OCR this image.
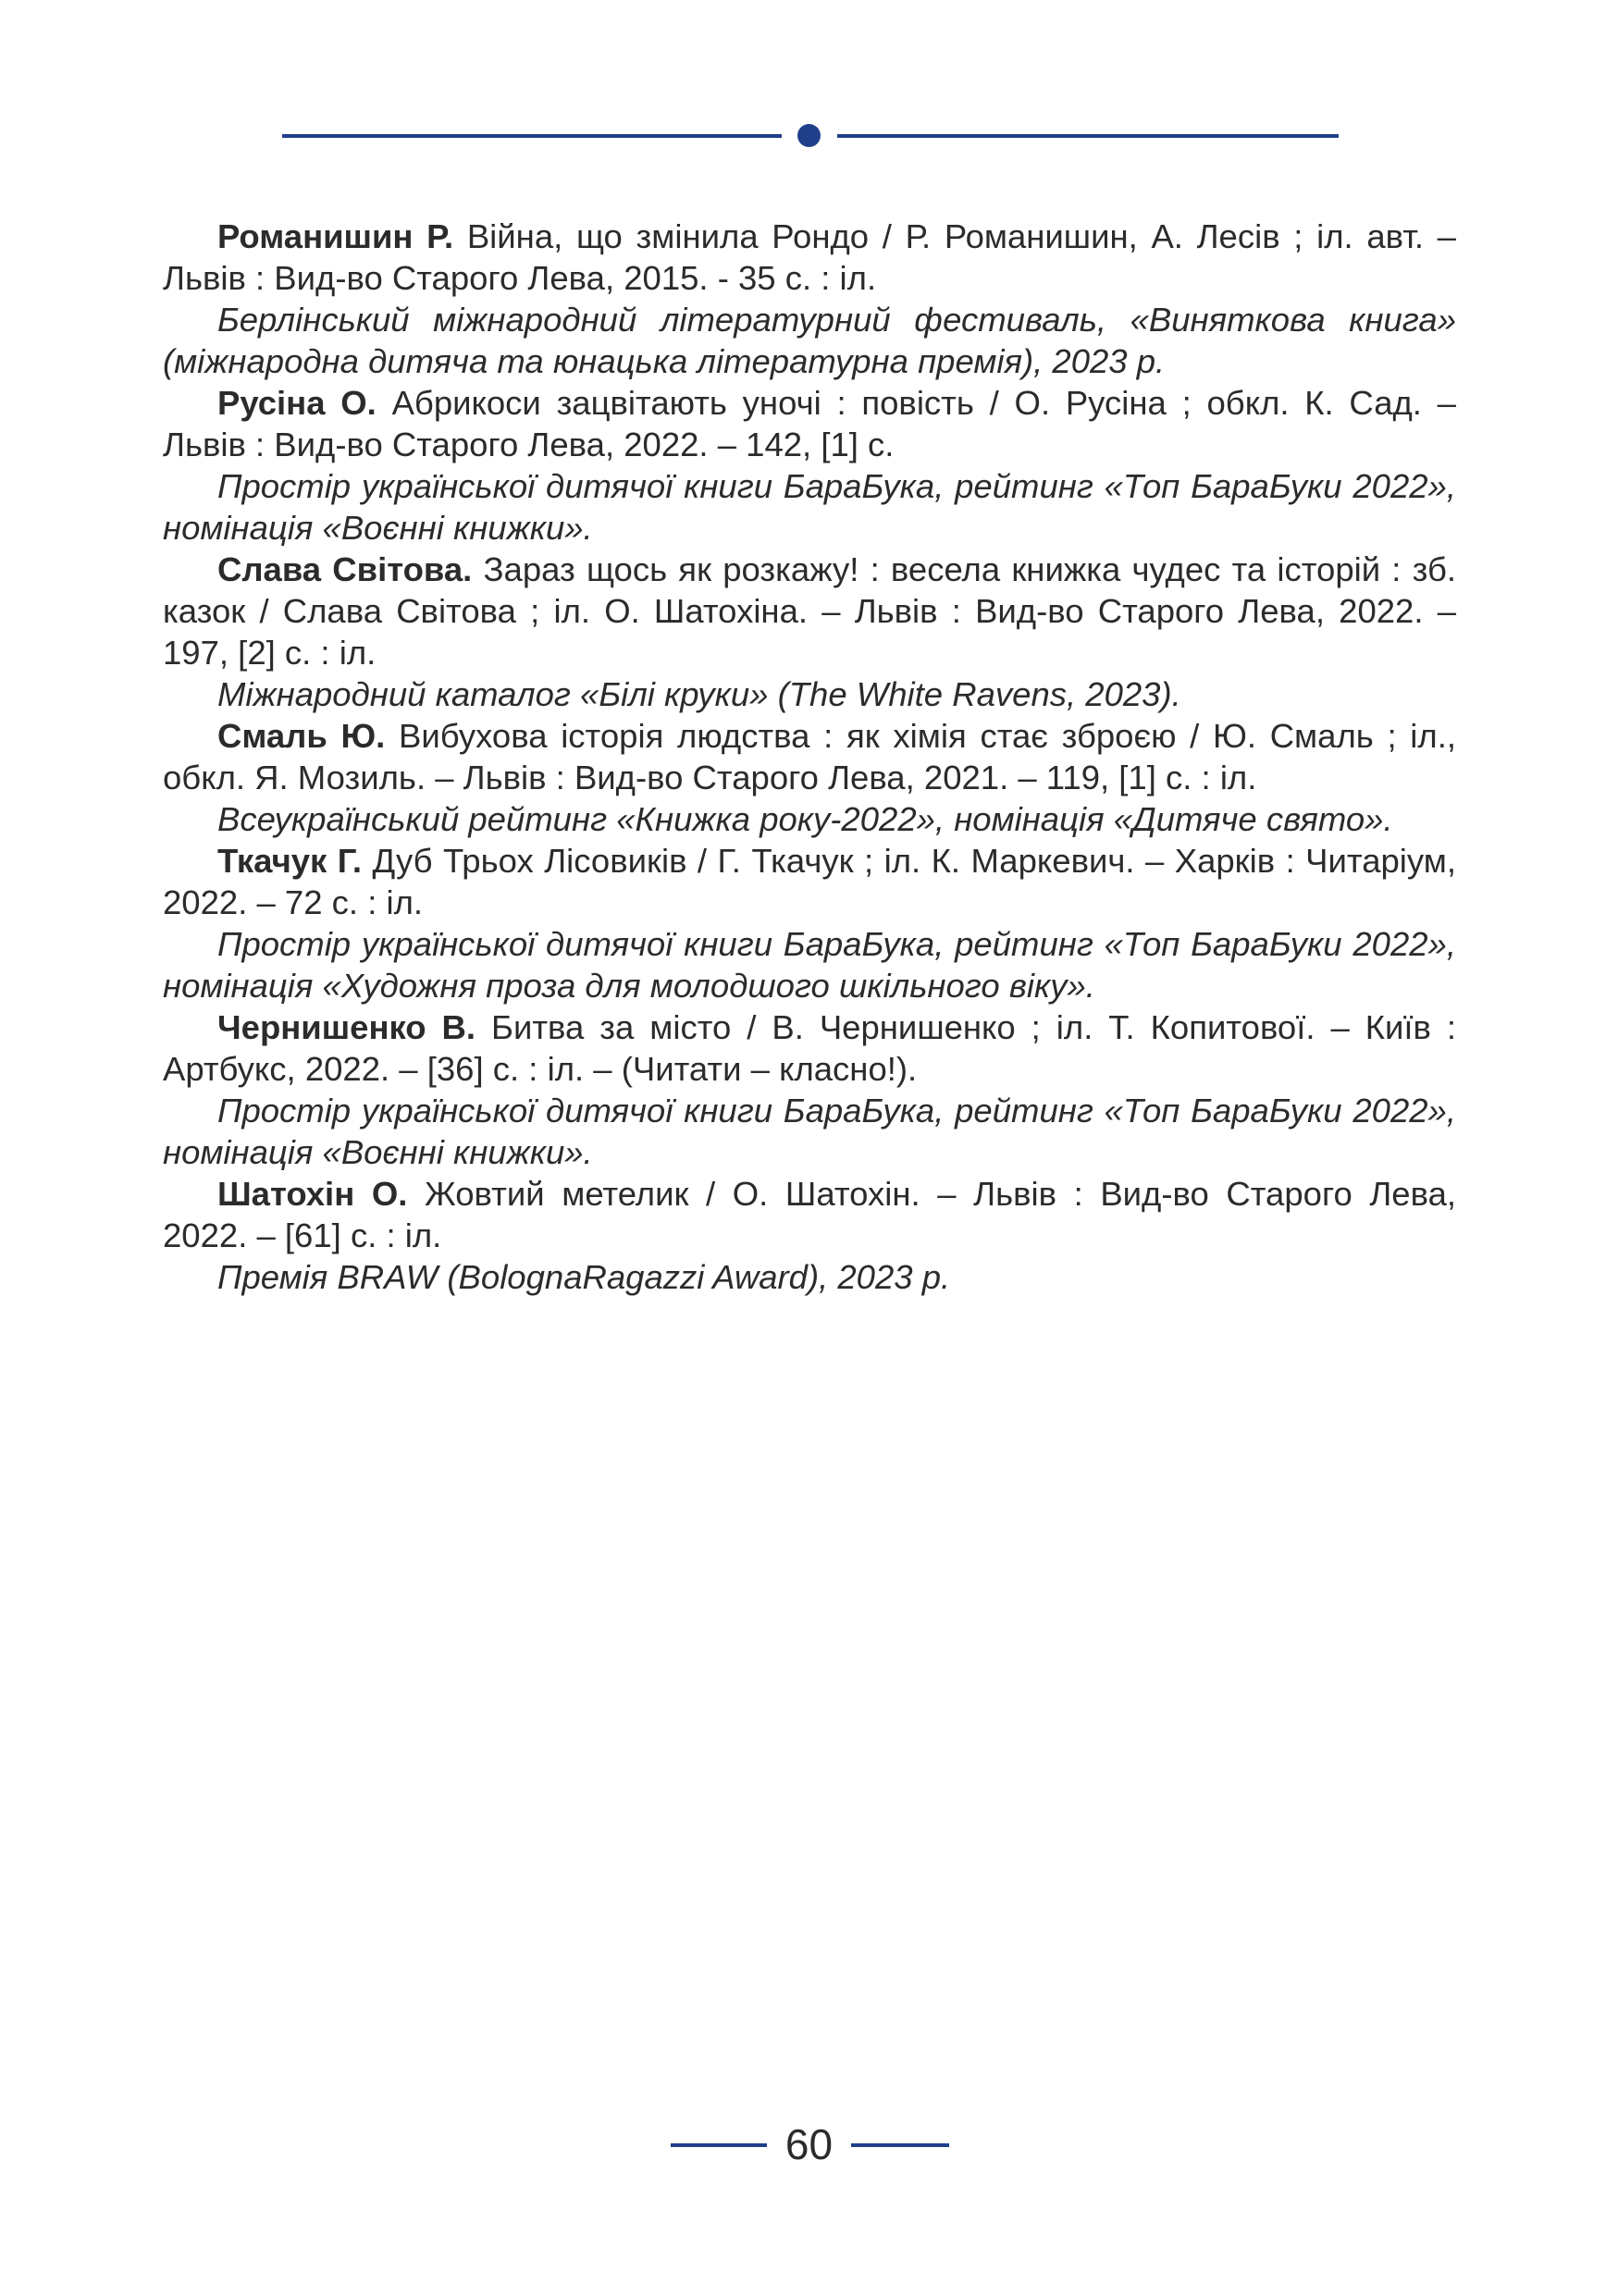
Романишин Р. Війна, що змінила Рондо / Р. Романишин, А. Лесів ; іл. авт. – Львів : Вид-во Старого Лева, 2015. - 35 с. : іл.

Берлінський міжнародний літературний фестиваль, «Виняткова книга» (міжнародна дитяча та юнацька літературна премія), 2023 р.

Русіна О. Абрикоси зацвітають уночі : повість / О. Русіна ; обкл. К. Сад. – Львів : Вид-во Старого Лева, 2022. – 142, [1] с.

Простір української дитячої книги БараБука, рейтинг «Топ БараБуки 2022», номінація «Воєнні книжки».

Слава Світова. Зараз щось як розкажу! : весела книжка чудес та історій : зб. казок / Слава Світова ; іл. О. Шатохіна. – Львів : Вид-во Старого Лева, 2022. – 197, [2] с. : іл.

Міжнародний каталог «Білі круки» (The White Ravens, 2023).

Смаль Ю. Вибухова історія людства : як хімія стає зброєю / Ю. Смаль ; іл., обкл. Я. Мозиль. – Львів : Вид-во Старого Лева, 2021. – 119, [1] с. : іл.

Всеукраїнський рейтинг «Книжка року-2022», номінація «Дитяче свято».

Ткачук Г. Дуб Трьох Лісовиків / Г. Ткачук ; іл. К. Маркевич. – Харків : Читаріум, 2022. – 72 с. : іл.

Простір української дитячої книги БараБука, рейтинг «Топ БараБуки 2022», номінація «Художня проза для молодшого шкільного віку».

Чернишенко В. Битва за місто / В. Чернишенко ; іл. Т. Копитової. – Київ : Артбукс, 2022. – [36] с. : іл. – (Читати – класно!).

Простір української дитячої книги БараБука, рейтинг «Топ БараБуки 2022», номінація «Воєнні книжки».

Шатохін О. Жовтий метелик / О. Шатохін. – Львів : Вид-во Старого Лева, 2022. – [61] с. : іл.

Премія BRAW (BolognaRagazzi Award), 2023 р.

60
